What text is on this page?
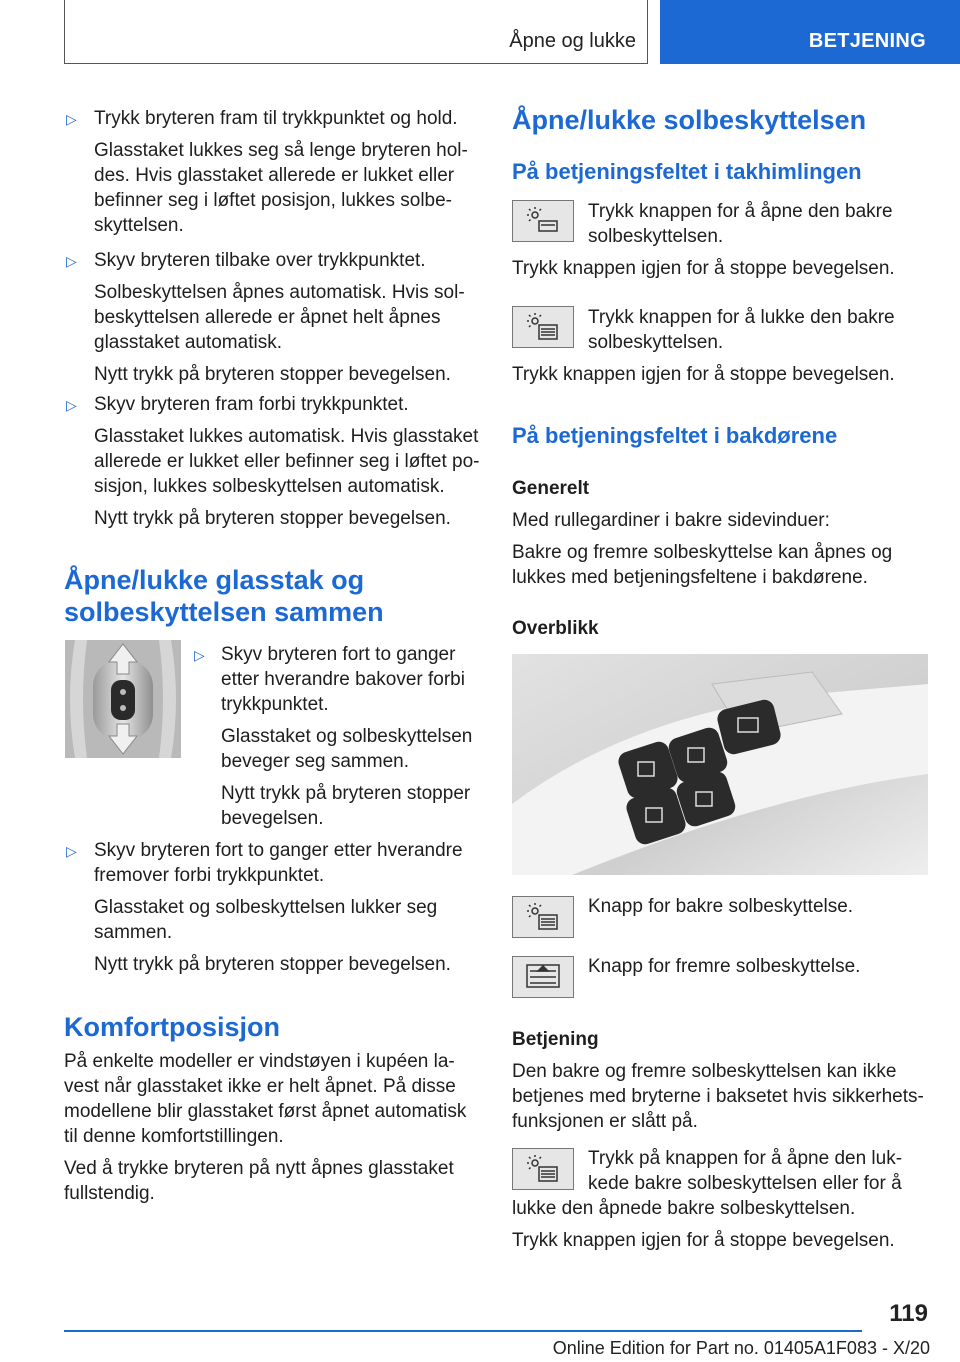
Åpne og lukke	BETJENING
▷ Trykk bryteren fram til trykkpunktet og hold.
Glasstaket lukkes seg så lenge bryteren hol-
des. Hvis glasstaket allerede er lukket eller
befinner seg i løftet posisjon, lukkes solbe-
skyttelsen.
▷ Skyv bryteren tilbake over trykkpunktet.
Solbeskyttelsen åpnes automatisk. Hvis sol-
beskyttelsen allerede er åpnet helt åpnes
glasstaket automatisk.
Nytt trykk på bryteren stopper bevegelsen.
▷ Skyv bryteren fram forbi trykkpunktet.
Glasstaket lukkes automatisk. Hvis glasstaket
allerede er lukket eller befinner seg i løftet po-
sisjon, lukkes solbeskyttelsen automatisk.
Nytt trykk på bryteren stopper bevegelsen.
Åpne/lukke glasstak og
solbeskyttelsen sammen
▷ Skyv bryteren fort to ganger
etter hverandre bakover forbi
trykkpunktet.
Glasstaket og solbeskyttelsen
beveger seg sammen.
Nytt trykk på bryteren stopper
bevegelsen.
▷ Skyv bryteren fort to ganger etter hverandre
fremover forbi trykkpunktet.
Glasstaket og solbeskyttelsen lukker seg
sammen.
Nytt trykk på bryteren stopper bevegelsen.
Komfortposisjon
På enkelte modeller er vindstøyen i kupéen la-
vest når glasstaket ikke er helt åpnet. På disse
modellene blir glasstaket først åpnet automatisk
til denne komfortstillingen.
Ved å trykke bryteren på nytt åpnes glasstaket
fullstendig.
Åpne/lukke solbeskyttelsen
På betjeningsfeltet i takhimlingen
Trykk knappen for å åpne den bakre
solbeskyttelsen.
Trykk knappen igjen for å stoppe bevegelsen.
Trykk knappen for å lukke den bakre
solbeskyttelsen.
Trykk knappen igjen for å stoppe bevegelsen.
På betjeningsfeltet i bakdørene
Generelt
Med rullegardiner i bakre sidevinduer:
Bakre og fremre solbeskyttelse kan åpnes og
lukkes med betjeningsfeltene i bakdørene.
Overblikk
Knapp for bakre solbeskyttelse.
Knapp for fremre solbeskyttelse.
Betjening
Den bakre og fremre solbeskyttelsen kan ikke
betjenes med bryterne i baksetet hvis sikkerhets-
funksjonen er slått på.
Trykk på knappen for å åpne den luk-
kede bakre solbeskyttelsen eller for å
lukke den åpnede bakre solbeskyttelsen.
Trykk knappen igjen for å stoppe bevegelsen.
119
Online Edition for Part no. 01405A1F083 - X/20
